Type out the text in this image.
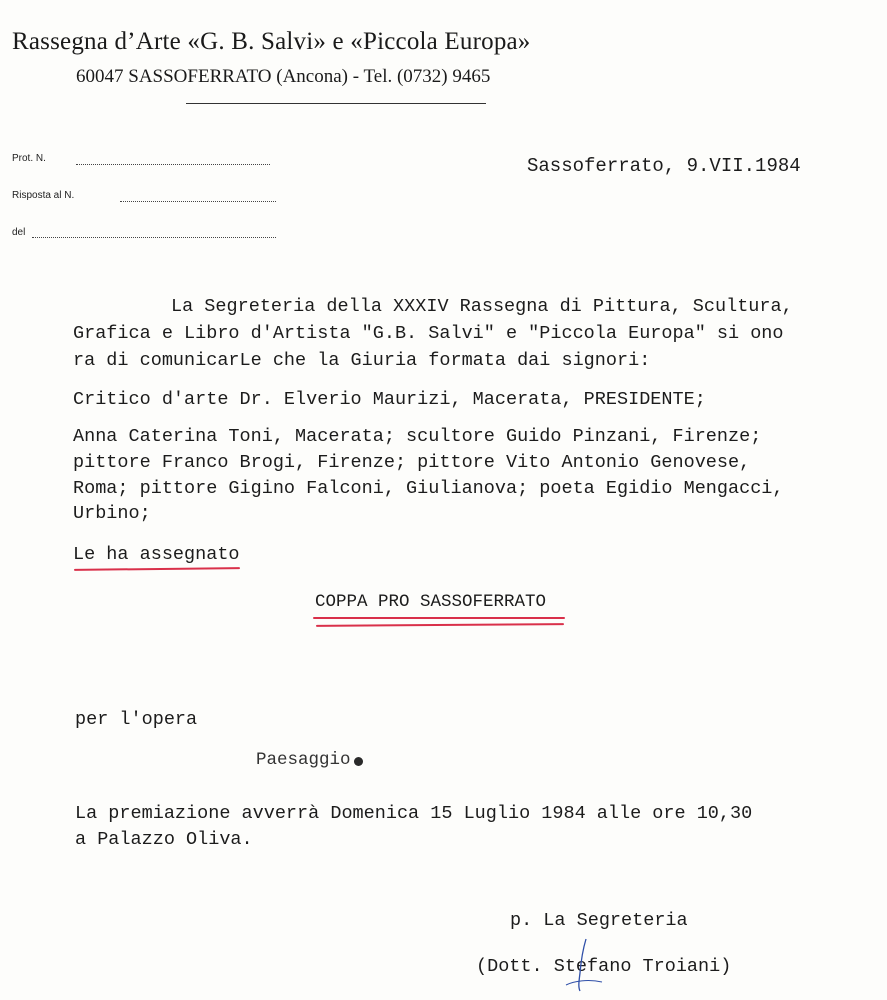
Rassegna d’Arte «G. B. Salvi» e «Piccola Europa»
60047 SASSOFERRATO (Ancona) - Tel. (0732) 9465
Prot. N.
Risposta al N.
del
Sassoferrato, 9.VII.1984
La Segreteria della XXXIV Rassegna di Pittura, Scultura,
Grafica e Libro d'Artista "G.B. Salvi" e "Piccola Europa" si ono
ra di comunicarLe che la Giuria formata dai signori:
Critico d'arte Dr. Elverio Maurizi, Macerata, PRESIDENTE;
Anna Caterina Toni, Macerata; scultore Guido Pinzani, Firenze;
pittore Franco Brogi, Firenze; pittore Vito Antonio Genovese,
Roma; pittore Gigino Falconi, Giulianova; poeta Egidio Mengacci,
Urbino;
Le ha assegnato
COPPA PRO SASSOFERRATO
per l'opera
Paesaggio
La premiazione avverrà Domenica 15 Luglio 1984 alle ore 10,30
a Palazzo Oliva.
p. La Segreteria
(Dott. Stefano Troiani)
